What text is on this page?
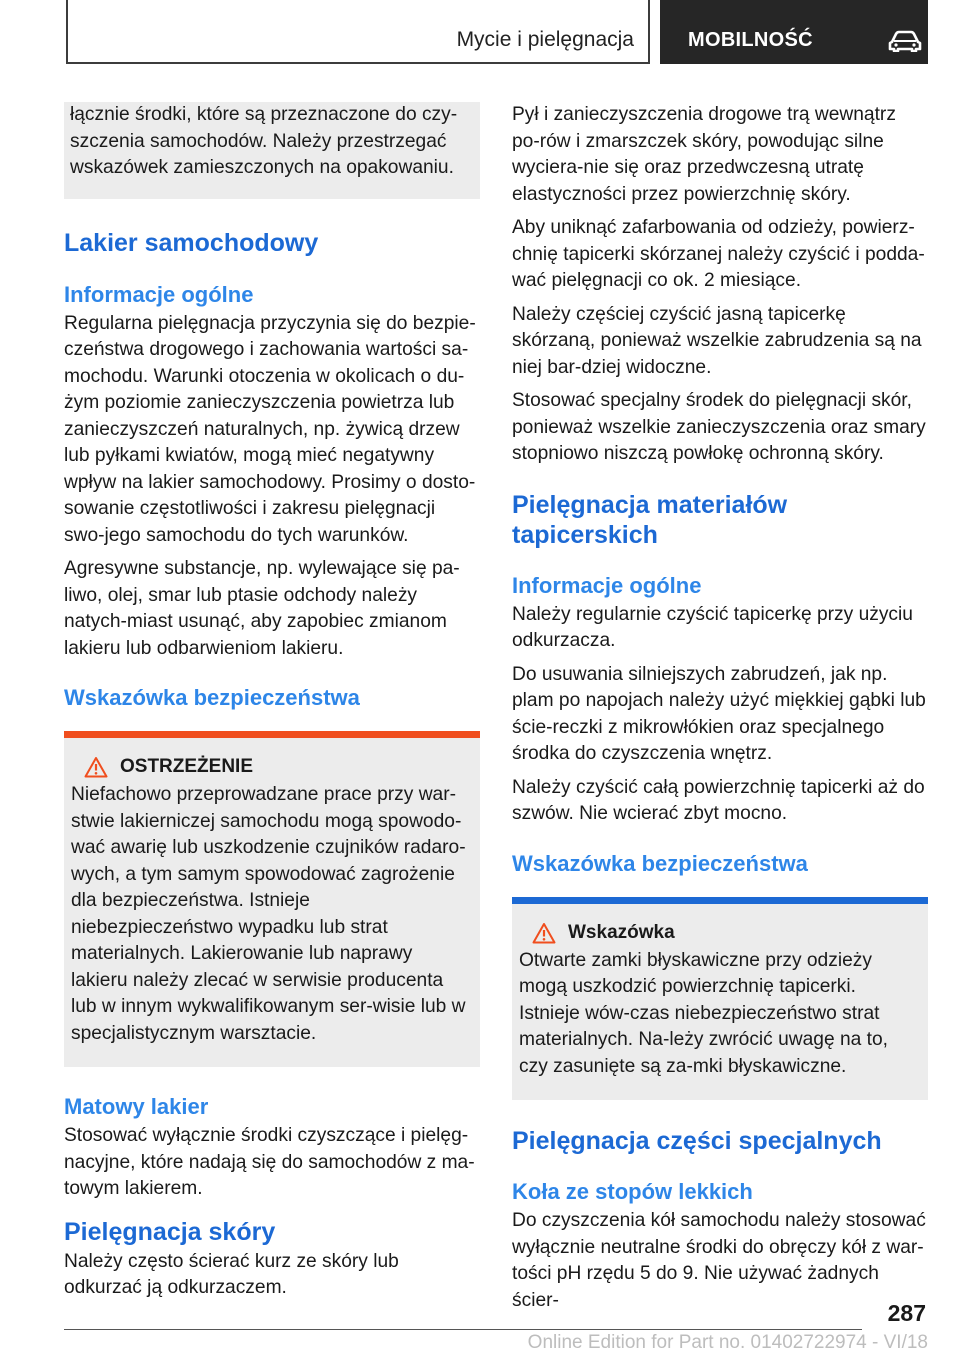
Mycie i pielęgnacja	MOBILNOŚĆ

łącznie środki, które są przeznaczone do czy-szczenia samochodów. Należy przestrzegać wskazówek zamieszczonych na opakowaniu.

Lakier samochodowy
Informacje ogólne

Regularna pielęgnacja przyczynia się do bezpie-czeństwa drogowego i zachowania wartości sa-mochodu. Warunki otoczenia w okolicach o du-żym poziomie zanieczyszczenia powietrza lub zanieczyszczeń naturalnych, np. żywicą drzew lub pyłkami kwiatów, mogą mieć negatywny wpływ na lakier samochodowy. Prosimy o dosto-sowanie częstotliwości i zakresu pielęgnacji swo-jego samochodu do tych warunków.

Agresywne substancje, np. wylewające się pa-liwo, olej, smar lub ptasie odchody należy natych-miast usunąć, aby zapobiec zmianom lakieru lub odbarwieniom lakieru.

Wskazówka bezpieczeństwa
OSTRZEŻENIE

Niefachowo przeprowadzane prace przy war-stwie lakierniczej samochodu mogą spowodo-wać awarię lub uszkodzenie czujników radaro-wych, a tym samym spowodować zagrożenie dla bezpieczeństwa. Istnieje niebezpieczeństwo wypadku lub strat materialnych. Lakierowanie lub naprawy lakieru należy zlecać w serwisie producenta lub w innym wykwalifikowanym ser-wisie lub w specjalistycznym warsztacie.

Matowy lakier

Stosować wyłącznie środki czyszczące i pielęg-nacyjne, które nadają się do samochodów z ma-towym lakierem.

Pielęgnacja skóry

Należy często ścierać kurz ze skóry lub odkurzać ją odkurzaczem.

Pył i zanieczyszczenia drogowe trą wewnątrz po-rów i zmarszczek skóry, powodując silne wyciera-nie się oraz przedwczesną utratę elastyczności przez powierzchnię skóry.

Aby uniknąć zafarbowania od odzieży, powierz-chnię tapicerki skórzanej należy czyścić i podda-wać pielęgnacji co ok. 2 miesiące.

Należy częściej czyścić jasną tapicerkę skórzaną, ponieważ wszelkie zabrudzenia są na niej bar-dziej widoczne.

Stosować specjalny środek do pielęgnacji skór, ponieważ wszelkie zanieczyszczenia oraz smary stopniowo niszczą powłokę ochronną skóry.

Pielęgnacja materiałów tapicerskich
Informacje ogólne

Należy regularnie czyścić tapicerkę przy użyciu odkurzacza.

Do usuwania silniejszych zabrudzeń, jak np. plam po napojach należy użyć miękkiej gąbki lub ście-reczki z mikrowłókien oraz specjalnego środka do czyszczenia wnętrz.

Należy czyścić całą powierzchnię tapicerki aż do szwów. Nie wcierać zbyt mocno.

Wskazówka bezpieczeństwa
Wskazówka

Otwarte zamki błyskawiczne przy odzieży mogą uszkodzić powierzchnię tapicerki. Istnieje wów-czas niebezpieczeństwo strat materialnych. Na-leży zwrócić uwagę na to, czy zasunięte są za-mki błyskawiczne.

Pielęgnacja części specjalnych
Koła ze stopów lekkich

Do czyszczenia kół samochodu należy stosować wyłącznie neutralne środki do obręczy kół z war-tości pH rzędu 5 do 9. Nie używać żadnych ścier-	287
Online Edition for Part no. 01402722974 - VI/18
